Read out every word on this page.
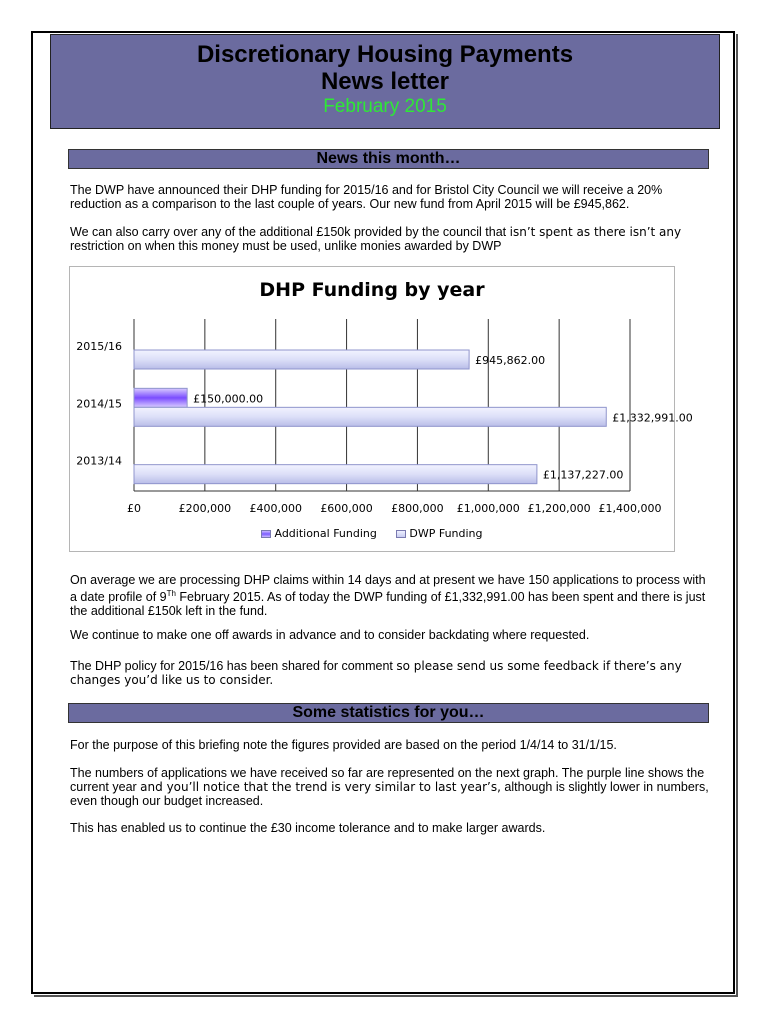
Discretionary Housing Payments
News letter
February 2015
News this month…
The DWP have announced their DHP funding for 2015/16 and for Bristol City Council we will receive a 20% reduction as a comparison to the last couple of years. Our new fund from April 2015 will be £945,862.
We can also carry over any of the additional £150k provided by the council that isn’t spent as there isn’t any
restriction on when this money must be used, unlike monies awarded by DWP
DHP Funding by year
£0	£200,000 £400,000 £600,000 £800,000 £1,000,000 £1,200,000 £1,400,000
2015/16
£945,862.00
2014/15	£150,000.00
£1,332,991.00
2013/14
£1,137,227.00
Additional Funding	DWP Funding
On average we are processing DHP claims within 14 days and at present we have 150 applications to process with a date profile of 9Th February 2015. As of today the DWP funding of £1,332,991.00 has been spent and there is just the additional £150k left in the fund.
We continue to make one off awards in advance and to consider backdating where requested.
The DHP policy for 2015/16 has been shared for comment so please send us some feedback if there’s any changes you’d like us to consider.
Some statistics for you…
For the purpose of this briefing note the figures provided are based on the period 1/4/14 to 31/1/15.
The numbers of applications we have received so far are represented on the next graph. The purple line shows the current year and you’ll notice that the trend is very similar to last year’s, although is slightly lower in numbers, even though our budget increased.
This has enabled us to continue the £30 income tolerance and to make larger awards.
